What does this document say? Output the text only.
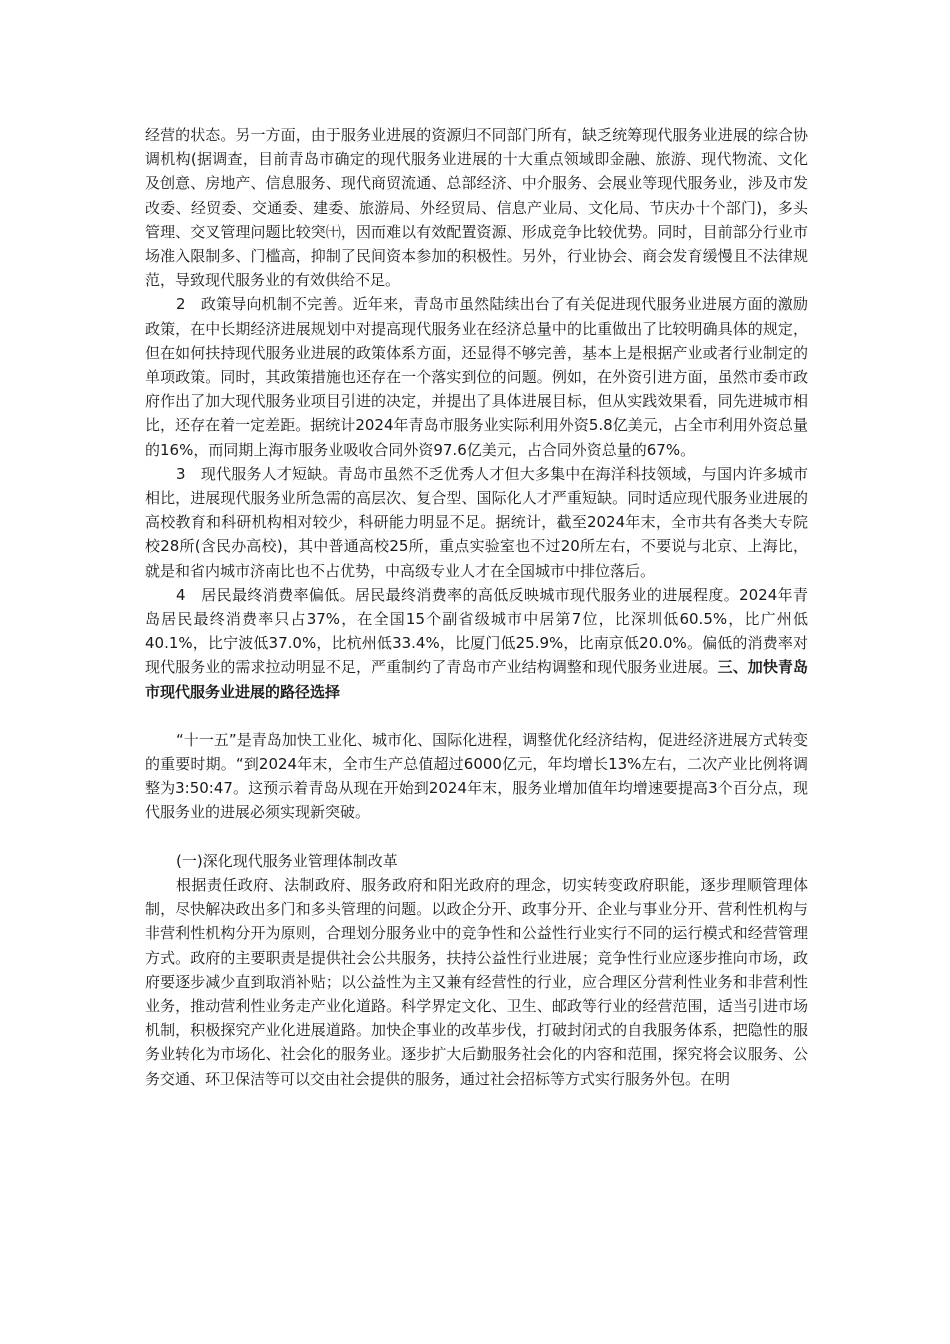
经营的状态。另一方面，由于服务业进展的资源归不同部门所有，缺乏统筹现代服务业进展的综合协调机构(据调查，目前青岛市确定的现代服务业进展的十大重点领域即金融、旅游、现代物流、文化及创意、房地产、信息服务、现代商贸流通、总部经济、中介服务、会展业等现代服务业，涉及市发改委、经贸委、交通委、建委、旅游局、外经贸局、信息产业局、文化局、节庆办十个部门)，多头管理、交叉管理问题比较突㈩，因而难以有效配置资源、形成竞争比较优势。同时，目前部分行业市场准入限制多、门槛高，抑制了民间资本参加的积极性。另外，行业协会、商会发育缓慢且不法律规范，导致现代服务业的有效供给不足。

2　政策导向机制不完善。近年来，青岛市虽然陆续出台了有关促进现代服务业进展方面的激励政策，在中长期经济进展规划中对提高现代服务业在经济总量中的比重做出了比较明确具体的规定，但在如何扶持现代服务业进展的政策体系方面，还显得不够完善，基本上是根据产业或者行业制定的单项政策。同时，其政策措施也还存在一个落实到位的问题。例如，在外资引进方面，虽然市委市政府作出了加大现代服务业项目引进的决定，并提出了具体进展目标，但从实践效果看，同先进城市相比，还存在着一定差距。据统计2024年青岛市服务业实际利用外资5.8亿美元，占全市利用外资总量的16%，而同期上海市服务业吸收合同外资97.6亿美元，占合同外资总量的67%。

3　现代服务人才短缺。青岛市虽然不乏优秀人才但大多集中在海洋科技领域，与国内许多城市相比，进展现代服务业所急需的高层次、复合型、国际化人才严重短缺。同时适应现代服务业进展的高校教育和科研机构相对较少，科研能力明显不足。据统计，截至2024年末，全市共有各类大专院校28所(含民办高校)，其中普通高校25所，重点实验室也不过20所左右，不要说与北京、上海比，就是和省内城市济南比也不占优势，中高级专业人才在全国城市中排位落后。

4　居民最终消费率偏低。居民最终消费率的高低反映城市现代服务业的进展程度。2024年青岛居民最终消费率只占37%，在全国15个副省级城市中居第7位，比深圳低60.5%，比广州低40.1%，比宁波低37.0%，比杭州低33.4%，比厦门低25.9%，比南京低20.0%。偏低的消费率对现代服务业的需求拉动明显不足，严重制约了青岛市产业结构调整和现代服务业进展。三、加快青岛市现代服务业进展的路径选择

“十一五”是青岛加快工业化、城市化、国际化进程，调整优化经济结构，促进经济进展方式转变的重要时期。“到2024年末，全市生产总值超过6000亿元，年均增长13%左右，二次产业比例将调整为3:50:47。这预示着青岛从现在开始到2024年末，服务业增加值年均增速要提高3个百分点，现代服务业的进展必须实现新突破。

(一)深化现代服务业管理体制改革

根据责任政府、法制政府、服务政府和阳光政府的理念，切实转变政府职能，逐步理顺管理体制，尽快解决政出多门和多头管理的问题。以政企分开、政事分开、企业与事业分开、营利性机构与非营利性机构分开为原则，合理划分服务业中的竞争性和公益性行业实行不同的运行模式和经营管理方式。政府的主要职责是提供社会公共服务，扶持公益性行业进展；竞争性行业应逐步推向市场，政府要逐步减少直到取消补贴；以公益性为主又兼有经营性的行业，应合理区分营利性业务和非营利性业务，推动营利性业务走产业化道路。科学界定文化、卫生、邮政等行业的经营范围，适当引进市场机制，积极探究产业化进展道路。加快企事业的改革步伐，打破封闭式的自我服务体系，把隐性的服务业转化为市场化、社会化的服务业。逐步扩大后勤服务社会化的内容和范围，探究将会议服务、公务交通、环卫保洁等可以交由社会提供的服务，通过社会招标等方式实行服务外包。在明
